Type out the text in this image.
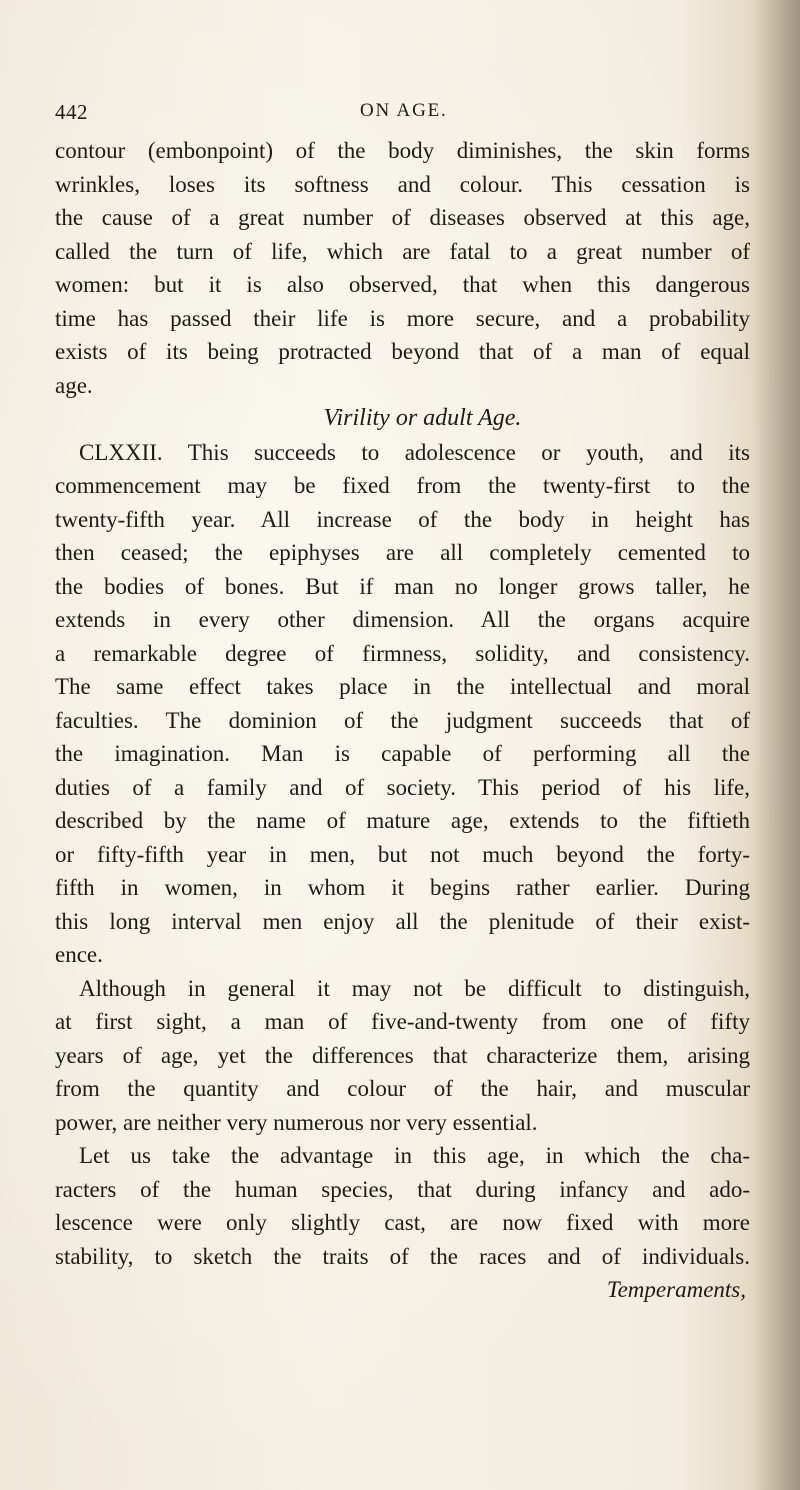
442	ON AGE.
contour (embonpoint) of the body diminishes, the skin forms
wrinkles, loses its softness and colour. This cessation is
the cause of a great number of diseases observed at this age,
called the turn of life, which are fatal to a great number of
women: but it is also observed, that when this dangerous
time has passed their life is more secure, and a probability
exists of its being protracted beyond that of a man of equal
age.
Virility or adult Age.
CLXXII. This succeeds to adolescence or youth, and its
commencement may be fixed from the twenty-first to the
twenty-fifth year. All increase of the body in height has
then ceased; the epiphyses are all completely cemented to
the bodies of bones. But if man no longer grows taller, he
extends in every other dimension. All the organs acquire
a remarkable degree of firmness, solidity, and consistency.
The same effect takes place in the intellectual and moral
faculties. The dominion of the judgment succeeds that of
the imagination. Man is capable of performing all the
duties of a family and of society. This period of his life,
described by the name of mature age, extends to the fiftieth
or fifty-fifth year in men, but not much beyond the forty-
fifth in women, in whom it begins rather earlier. During
this long interval men enjoy all the plenitude of their exist-
ence.
Although in general it may not be difficult to distinguish,
at first sight, a man of five-and-twenty from one of fifty
years of age, yet the differences that characterize them, arising
from the quantity and colour of the hair, and muscular
power, are neither very numerous nor very essential.
Let us take the advantage in this age, in which the cha-
racters of the human species, that during infancy and ado-
lescence were only slightly cast, are now fixed with more
stability, to sketch the traits of the races and of individuals.
Temperaments,
